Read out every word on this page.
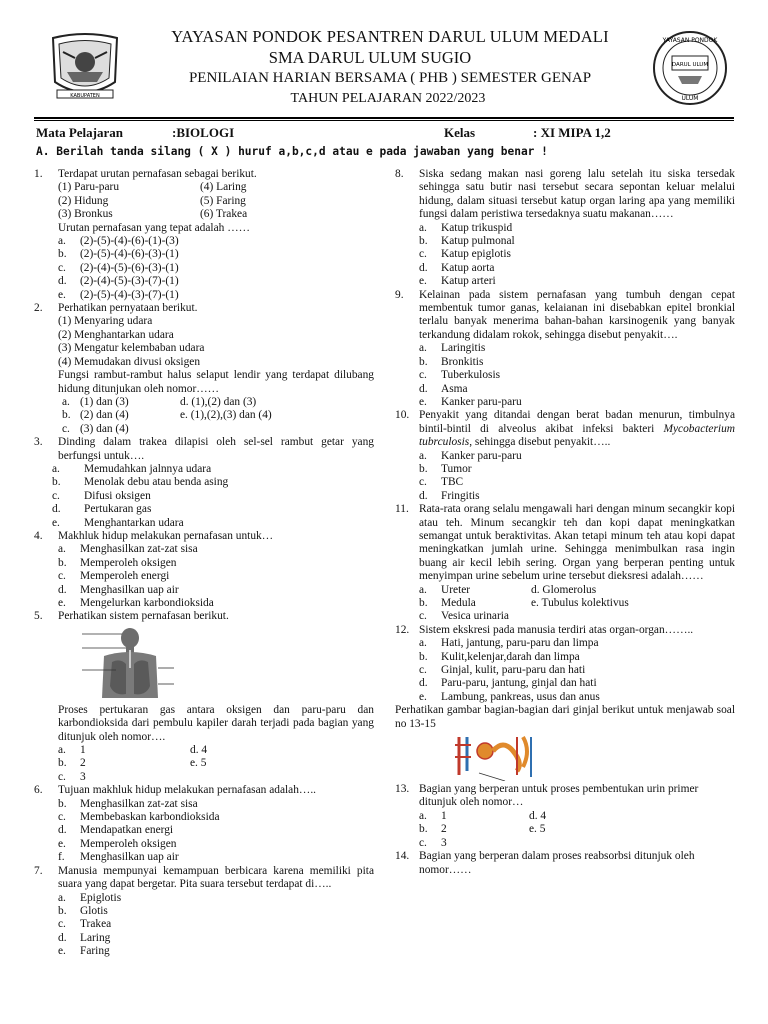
KABUPATEN
YAYASAN PONDOK PESANTREN DARUL ULUM MEDALI
SMA DARUL ULUM SUGIO
PENILAIAN HARIAN BERSAMA ( PHB ) SEMESTER GENAP
TAHUN PELAJARAN 2022/2023
YAYASAN PONDOK
DARUL ULUM
ULUM
Mata Pelajaran	:BIOLOGI	Kelas	: XI MIPA 1,2
A. Berilah tanda silang ( X ) huruf a,b,c,d atau e pada jawaban yang benar !
1.	Terdapat urutan pernafasan sebagai berikut.
(1) Paru-paru	(4) Laring
(2) Hidung	(5) Faring
(3) Bronkus	(6) Trakea
Urutan pernafasan yang tepat adalah ……
a.	(2)-(5)-(4)-(6)-(1)-(3)
b.	(2)-(5)-(4)-(6)-(3)-(1)
c.	(2)-(4)-(5)-(6)-(3)-(1)
d.	(2)-(4)-(5)-(3)-(7)-(1)
e.	(2)-(5)-(4)-(3)-(7)-(1)
2.	Perhatikan pernyataan berikut.
(1) Menyaring udara
(2) Menghantarkan udara
(3) Mengatur kelembaban udara
(4) Memudakan divusi oksigen
Fungsi rambut-rambut halus selaput lendir yang terdapat dilubang hidung ditunjukan oleh nomor……
a. (1) dan (3)	d. (1),(2) dan (3)
b. (2) dan (4)	e. (1),(2),(3) dan (4)
c. (3) dan (4)
3.	Dinding dalam trakea dilapisi oleh sel-sel rambut getar yang berfungsi untuk….
a.	Memudahkan jalnnya udara
b.	Menolak debu atau benda asing
c.	Difusi oksigen
d.	Pertukaran gas
e.	Menghantarkan udara
4.	Makhluk hidup melakukan pernafasan untuk…
a.	Menghasilkan zat-zat sisa
b.	Memperoleh oksigen
c.	Memperoleh energi
d.	Menghasilkan uap air
e.	Mengelurkan karbondioksida
5.	Perhatikan sistem pernafasan berikut.
Proses pertukaran gas antara oksigen dan paru-paru dan karbondioksida dari pembulu kapiler darah terjadi pada bagian yang ditunjuk oleh nomor….
a.	1	d. 4
b.	2	e. 5
c.	3
6.	Tujuan makhluk hidup melakukan pernafasan adalah…..
b.	Menghasilkan zat-zat sisa
c.	Membebaskan karbondioksida
d.	Mendapatkan energi
e.	Memperoleh oksigen
f.	Menghasilkan uap air
7.	Manusia mempunyai kemampuan berbicara karena memiliki pita suara yang dapat bergetar. Pita suara tersebut terdapat di…..
a.	Epiglotis
b.	Glotis
c.	Trakea
d.	Laring
e.	Faring
8.	Siska sedang makan nasi goreng lalu setelah itu siska tersedak sehingga satu butir nasi tersebut secara sepontan keluar melalui hidung, dalam situasi tersebut katup organ laring apa yang memiliki fungsi dalam peristiwa tersedaknya suatu makanan……
a.	Katup trikuspid
b.	Katup pulmonal
c.	Katup epiglotis
d.	Katup aorta
e.	Katup arteri
9.	Kelainan pada sistem pernafasan yang tumbuh dengan cepat membentuk tumor ganas, kelaianan ini disebabkan epitel bronkial terlalu banyak menerima bahan-bahan karsinogenik yang banyak terkandung didalam rokok, sehingga disebut penyakit….
a.	Laringitis
b.	Bronkitis
c.	Tuberkulosis
d.	Asma
e.	Kanker paru-paru
10. Penyakit yang ditandai dengan berat badan menurun, timbulnya bintil-bintil di alveolus akibat infeksi bakteri Mycobacterium tubrculosis, sehingga disebut penyakit…..
a.	Kanker paru-paru
b.	Tumor
c.	TBC
d.	Fringitis
11. Rata-rata orang selalu mengawali hari dengan minum secangkir kopi atau teh. Minum secangkir teh dan kopi dapat meningkatkan semangat untuk beraktivitas. Akan tetapi minum teh atau kopi dapat meningkatkan jumlah urine. Sehingga menimbulkan rasa ingin buang air kecil lebih sering. Organ yang berperan penting untuk menyimpan urine sebelum urine tersebut dieksresi adalah……
a.	Ureter	d. Glomerolus
b.	Medula	e. Tubulus kolektivus
c.	Vesica urinaria
12. Sistem ekskresi pada manusia terdiri atas organ-organ……..
a.	Hati, jantung, paru-paru dan limpa
b.	Kulit,kelenjar,darah dan limpa
c.	Ginjal, kulit, paru-paru dan hati
d.	Paru-paru, jantung, ginjal dan hati
e.	Lambung, pankreas, usus dan anus
Perhatikan gambar bagian-bagian dari ginjal berikut untuk menjawab soal no 13-15
13. Bagian yang berperan untuk proses pembentukan urin primer ditunjuk oleh nomor…
a.	1	d. 4
b.	2	e. 5
c.	3
14. Bagian yang berperan dalam proses reabsorbsi ditunjuk oleh nomor……
